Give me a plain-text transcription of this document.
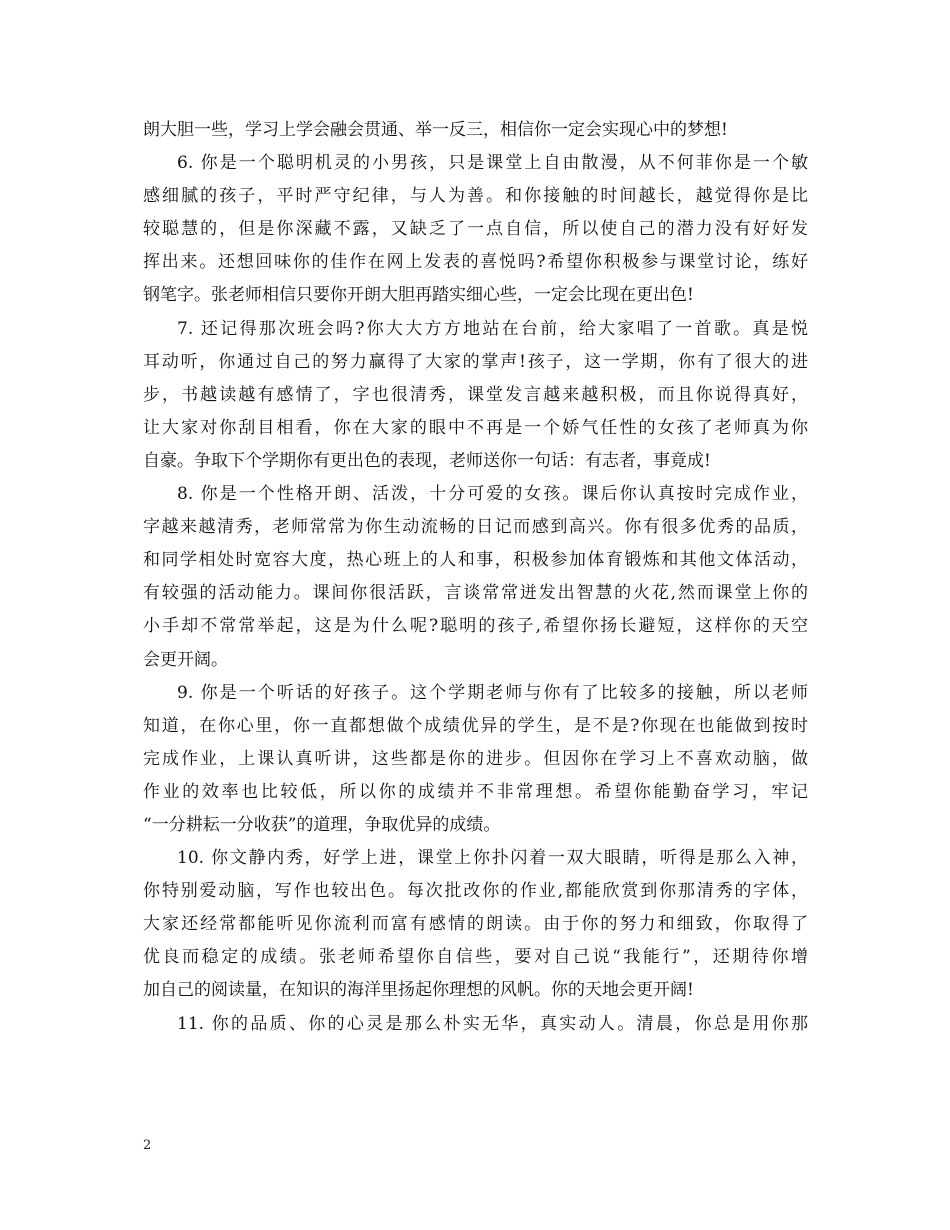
朗大胆一些，学习上学会融会贯通、举一反三，相信你一定会实现心中的梦想!
6. 你是一个聪明机灵的小男孩，只是课堂上自由散漫，从不何菲你是一个敏
感细腻的孩子，平时严守纪律，与人为善。和你接触的时间越长，越觉得你是比
较聪慧的，但是你深藏不露，又缺乏了一点自信，所以使自己的潜力没有好好发
挥出来。还想回味你的佳作在网上发表的喜悦吗?希望你积极参与课堂讨论，练好
钢笔字。张老师相信只要你开朗大胆再踏实细心些，一定会比现在更出色!
7. 还记得那次班会吗?你大大方方地站在台前，给大家唱了一首歌。真是悦
耳动听，你通过自己的努力赢得了大家的掌声!孩子，这一学期，你有了很大的进
步，书越读越有感情了，字也很清秀，课堂发言越来越积极，而且你说得真好，
让大家对你刮目相看，你在大家的眼中不再是一个娇气任性的女孩了老师真为你
自豪。争取下个学期你有更出色的表现，老师送你一句话：有志者，事竟成!
8. 你是一个性格开朗、活泼，十分可爱的女孩。课后你认真按时完成作业，
字越来越清秀，老师常常为你生动流畅的日记而感到高兴。你有很多优秀的品质，
和同学相处时宽容大度，热心班上的人和事，积极参加体育锻炼和其他文体活动，
有较强的活动能力。课间你很活跃，言谈常常迸发出智慧的火花,然而课堂上你的
小手却不常常举起，这是为什么呢?聪明的孩子,希望你扬长避短，这样你的天空
会更开阔。
9. 你是一个听话的好孩子。这个学期老师与你有了比较多的接触，所以老师
知道，在你心里，你一直都想做个成绩优异的学生，是不是?你现在也能做到按时
完成作业，上课认真听讲，这些都是你的进步。但因你在学习上不喜欢动脑，做
作业的效率也比较低，所以你的成绩并不非常理想。希望你能勤奋学习，牢记
“一分耕耘一分收获”的道理，争取优异的成绩。
10. 你文静内秀，好学上进，课堂上你扑闪着一双大眼睛，听得是那么入神，
你特别爱动脑，写作也较出色。每次批改你的作业,都能欣赏到你那清秀的字体，
大家还经常都能听见你流利而富有感情的朗读。由于你的努力和细致，你取得了
优良而稳定的成绩。张老师希望你自信些，要对自己说“我能行”，还期待你增
加自己的阅读量，在知识的海洋里扬起你理想的风帆。你的天地会更开阔!
11. 你的品质、你的心灵是那么朴实无华，真实动人。清晨，你总是用你那
2
